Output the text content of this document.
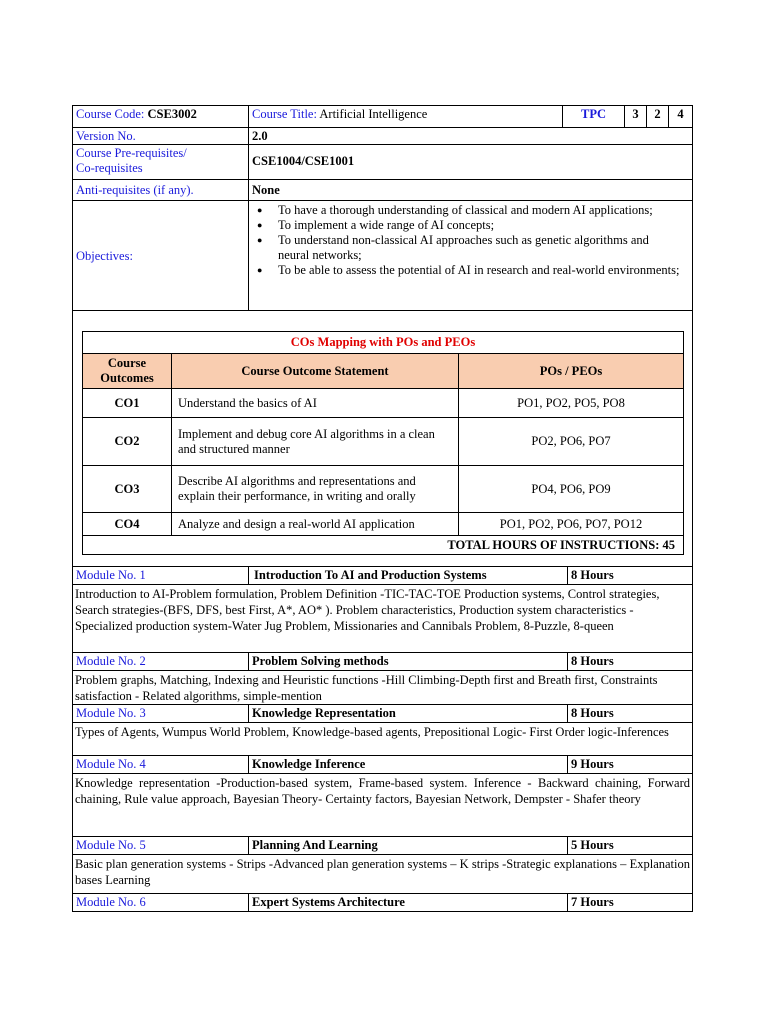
Course Code: CSE3002	Course Title: Artificial Intelligence	TPC	3	2	4
Version No.	2.0
Course Pre-requisites/
Co-requisites	CSE1004/CSE1001
Anti-requisites (if any).	None
Objectives:
● To have a thorough understanding of classical and modern AI applications;
● To implement a wide range of AI concepts;
● To understand non-classical AI approaches such as genetic algorithms and neural networks;
● To be able to assess the potential of AI in research and real-world environments;
COs Mapping with POs and PEOs		
Course Outcomes	Course Outcome Statement	POs / PEOs
CO1	Understand the basics of AI	PO1, PO2, PO5, PO8
CO2	Implement and debug core AI algorithms in a clean and structured manner	PO2, PO6, PO7
CO3	Describe AI algorithms and representations and explain their performance, in writing and orally	PO4, PO6, PO9
CO4	Analyze and design a real-world AI application	PO1, PO2, PO6, PO7, PO12
TOTAL HOURS OF INSTRUCTIONS: 45		
Module No. 1	Introduction To AI and Production Systems	8 Hours
Introduction to AI-Problem formulation, Problem Definition -TIC-TAC-TOE Production systems, Control strategies, Search strategies-(BFS, DFS, best First, A*, AO* ). Problem characteristics, Production system characteristics -Specialized production system-Water Jug Problem, Missionaries and Cannibals Problem, 8-Puzzle, 8-queen
Module No. 2	Problem Solving methods	8 Hours
Problem graphs, Matching, Indexing and Heuristic functions -Hill Climbing-Depth first and Breath first, Constraints satisfaction - Related algorithms, simple-mention
Module No. 3	Knowledge Representation	8 Hours
Types of Agents, Wumpus World Problem, Knowledge-based agents, Prepositional Logic- First Order logic-Inferences
Module No. 4	Knowledge Inference	9 Hours
Knowledge representation -Production-based system, Frame-based system. Inference - Backward chaining, Forward chaining, Rule value approach, Bayesian Theory- Certainty factors, Bayesian Network, Dempster - Shafer theory
Module No. 5	Planning And Learning	5 Hours
Basic plan generation systems - Strips -Advanced plan generation systems – K strips -Strategic explanations – Explanation bases Learning
Module No. 6	Expert Systems Architecture	7 Hours
